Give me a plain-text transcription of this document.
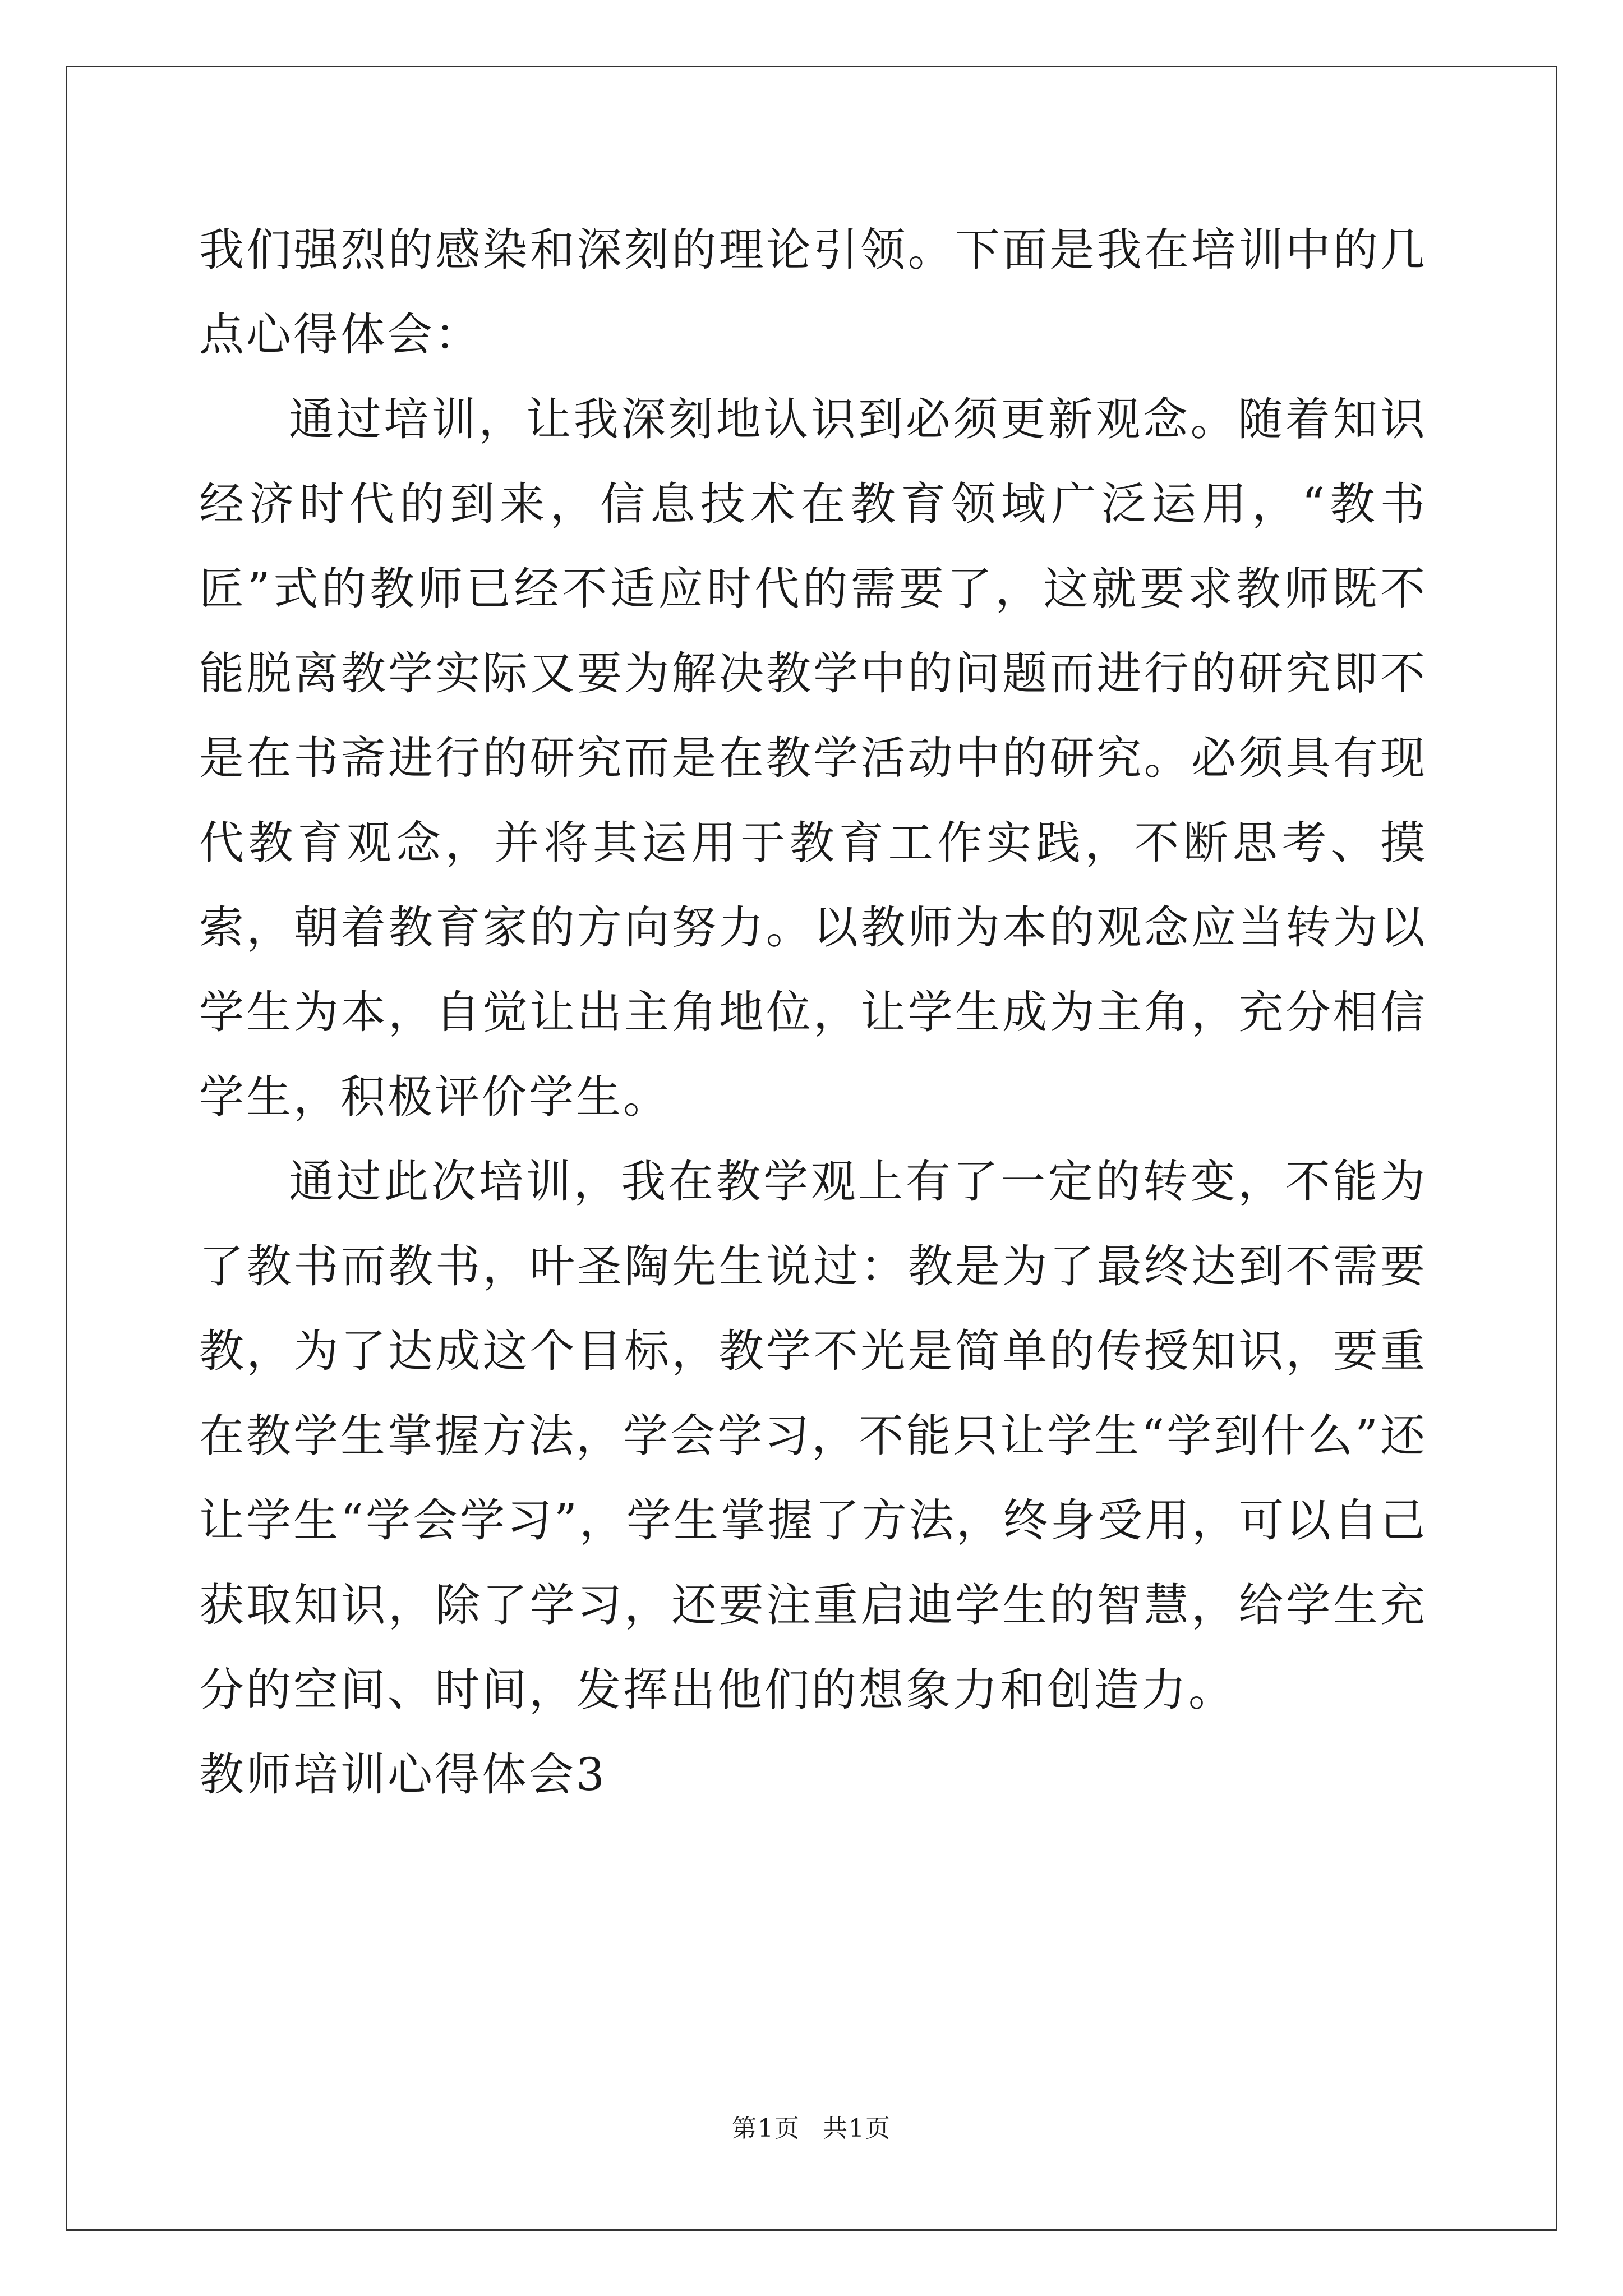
我们强烈的感染和深刻的理论引领。下面是我在培训中的几点心得体会：

通过培训，让我深刻地认识到必须更新观念。随着知识经济时代的到来，信息技术在教育领域广泛运用，“教书匠”式的教师已经不适应时代的需要了，这就要求教师既不能脱离教学实际又要为解决教学中的问题而进行的研究即不是在书斋进行的研究而是在教学活动中的研究。必须具有现代教育观念，并将其运用于教育工作实践，不断思考、摸索，朝着教育家的方向努力。以教师为本的观念应当转为以学生为本，自觉让出主角地位，让学生成为主角，充分相信学生，积极评价学生。

通过此次培训，我在教学观上有了一定的转变，不能为了教书而教书，叶圣陶先生说过：教是为了最终达到不需要教，为了达成这个目标，教学不光是简单的传授知识，要重在教学生掌握方法，学会学习，不能只让学生“学到什么”还让学生“学会学习”，学生掌握了方法，终身受用，可以自己获取知识，除了学习，还要注重启迪学生的智慧，给学生充分的空间、时间，发挥出他们的想象力和创造力。

教师培训心得体会3

第1页 共1页
